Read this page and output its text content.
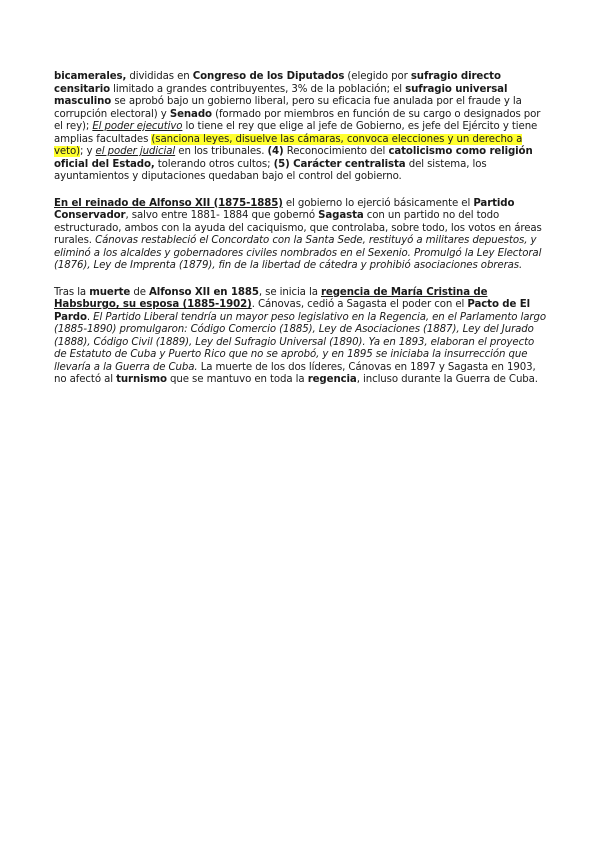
bicamerales, divididas en Congreso de los Diputados (elegido por sufragio directo censitario limitado a grandes contribuyentes, 3% de la población; el sufragio universal masculino se aprobó bajo un gobierno liberal, pero su eficacia fue anulada por el fraude y la corrupción electoral) y Senado (formado por miembros en función de su cargo o designados por el rey); El poder ejecutivo lo tiene el rey que elige al jefe de Gobierno, es jefe del Ejército y tiene amplias facultades (sanciona leyes, disuelve las cámaras, convoca elecciones y un derecho a veto); y el poder judicial en los tribunales. (4) Reconocimiento del catolicismo como religión oficial del Estado, tolerando otros cultos; (5) Carácter centralista del sistema, los ayuntamientos y diputaciones quedaban bajo el control del gobierno.

En el reinado de Alfonso XII (1875-1885) el gobierno lo ejerció básicamente el Partido Conservador, salvo entre 1881- 1884 que gobernó Sagasta con un partido no del todo estructurado, ambos con la ayuda del caciquismo, que controlaba, sobre todo, los votos en áreas rurales. Cánovas restableció el Concordato con la Santa Sede, restituyó a militares depuestos, y eliminó a los alcaldes y gobernadores civiles nombrados en el Sexenio. Promulgó la Ley Electoral (1876), Ley de Imprenta (1879), fin de la libertad de cátedra y prohibió asociaciones obreras.

Tras la muerte de Alfonso XII en 1885, se inicia la regencia de María Cristina de Habsburgo, su esposa (1885-1902). Cánovas, cedió a Sagasta el poder con el Pacto de El Pardo. El Partido Liberal tendría un mayor peso legislativo en la Regencia, en el Parlamento largo (1885-1890) promulgaron: Código Comercio (1885), Ley de Asociaciones (1887), Ley del Jurado (1888), Código Civil (1889), Ley del Sufragio Universal (1890). Ya en 1893, elaboran el proyecto de Estatuto de Cuba y Puerto Rico que no se aprobó, y en 1895 se iniciaba la insurrección que llevaría a la Guerra de Cuba. La muerte de los dos líderes, Cánovas en 1897 y Sagasta en 1903, no afectó al turnismo que se mantuvo en toda la regencia, incluso durante la Guerra de Cuba.
